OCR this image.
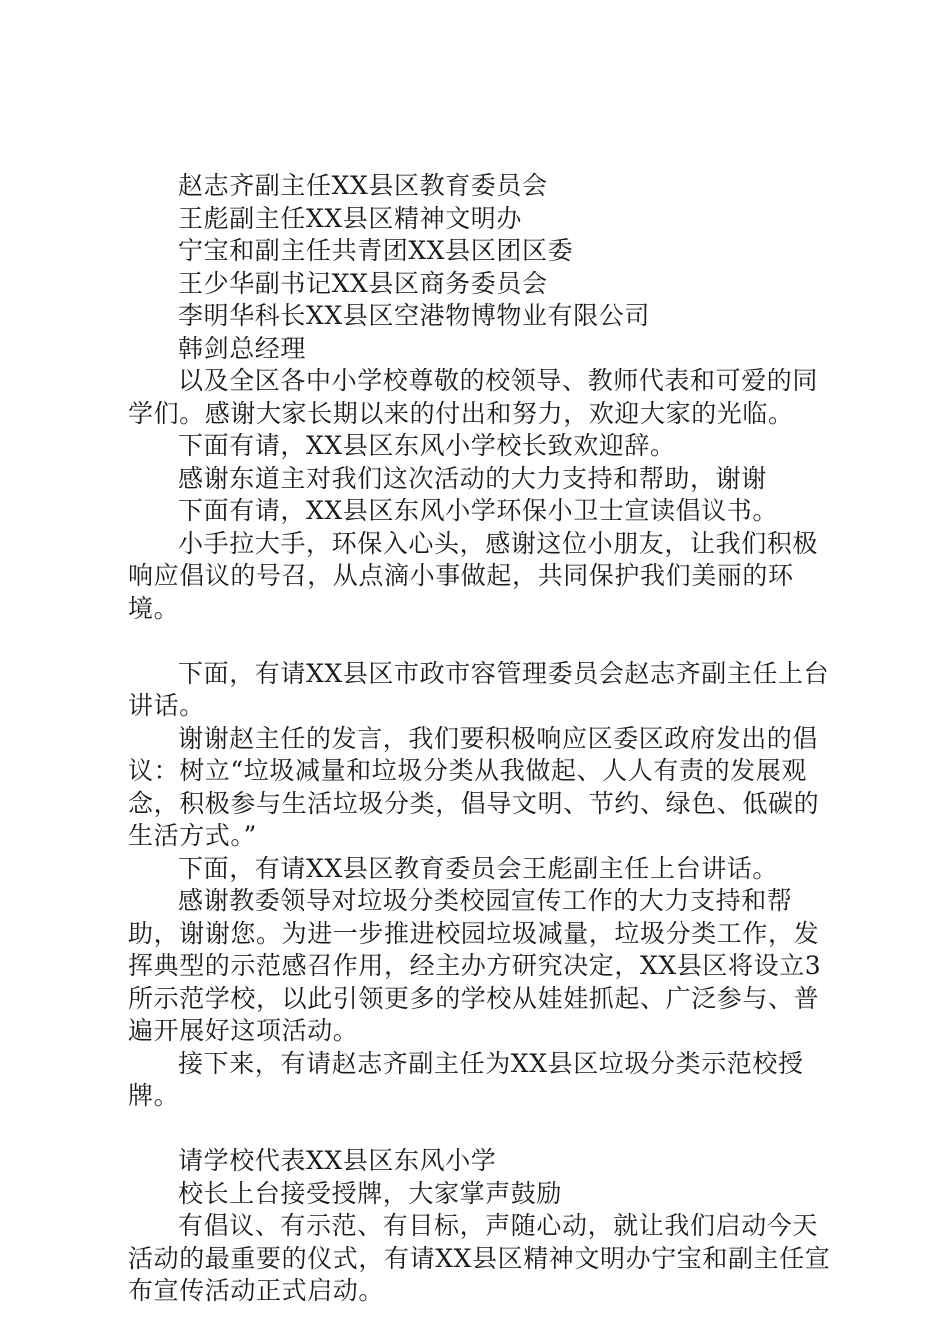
赵志齐副主任XX县区教育委员会

王彪副主任XX县区精神文明办

宁宝和副主任共青团XX县区团区委

王少华副书记XX县区商务委员会

李明华科长XX县区空港物博物业有限公司

韩剑总经理

以及全区各中小学校尊敬的校领导、教师代表和可爱的同学们。感谢大家长期以来的付出和努力，欢迎大家的光临。

下面有请，XX县区东风小学校长致欢迎辞。

感谢东道主对我们这次活动的大力支持和帮助，谢谢

下面有请，XX县区东风小学环保小卫士宣读倡议书。

小手拉大手，环保入心头，感谢这位小朋友，让我们积极响应倡议的号召，从点滴小事做起，共同保护我们美丽的环境。

下面，有请XX县区市政市容管理委员会赵志齐副主任上台讲话。

谢谢赵主任的发言，我们要积极响应区委区政府发出的倡议：树立“垃圾减量和垃圾分类从我做起、人人有责的发展观念，积极参与生活垃圾分类，倡导文明、节约、绿色、低碳的生活方式。”

下面，有请XX县区教育委员会王彪副主任上台讲话。

感谢教委领导对垃圾分类校园宣传工作的大力支持和帮助，谢谢您。为进一步推进校园垃圾减量，垃圾分类工作，发挥典型的示范感召作用，经主办方研究决定，XX县区将设立3所示范学校，以此引领更多的学校从娃娃抓起、广泛参与、普遍开展好这项活动。

接下来，有请赵志齐副主任为XX县区垃圾分类示范校授牌。

请学校代表XX县区东风小学

校长上台接受授牌，大家掌声鼓励

有倡议、有示范、有目标，声随心动，就让我们启动今天活动的最重要的仪式，有请XX县区精神文明办宁宝和副主任宣布宣传活动正式启动。
